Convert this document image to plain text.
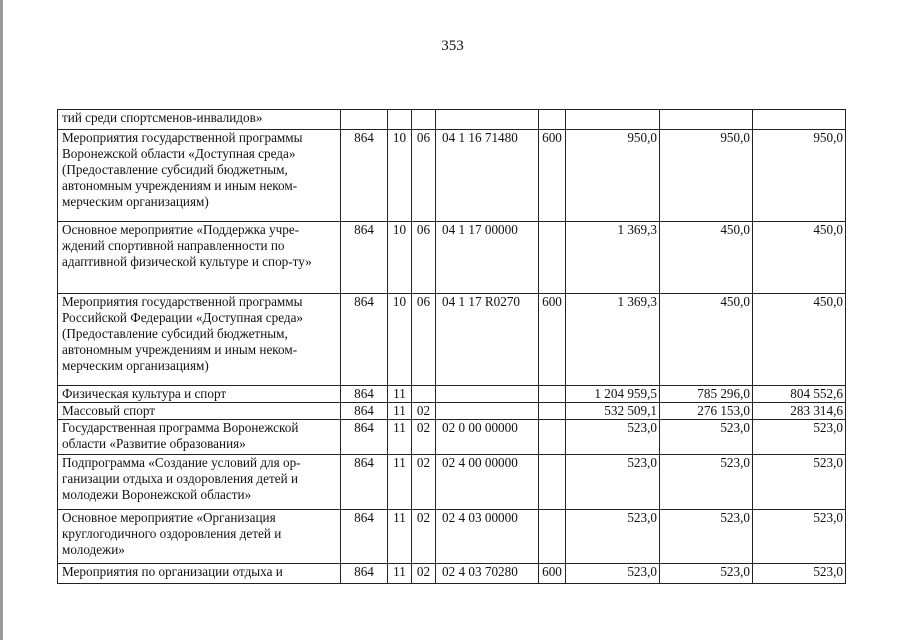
353
тий среди спортсменов-инвалидов»								
Мероприятия государственной программы Воронежской области «Доступная среда» (Предоставление субсидий бюджетным, автономным учреждениям и иным неком-мерческим организациям)	864	10	06	04 1 16 71480	600	950,0	950,0	950,0
Основное мероприятие «Поддержка учре-ждений спортивной направленности по адаптивной физической культуре и спор-ту»	864	10	06	04 1 17 00000		1 369,3	450,0	450,0
Мероприятия государственной программы Российской Федерации «Доступная среда» (Предоставление субсидий бюджетным, автономным учреждениям и иным неком-мерческим организациям)	864	10	06	04 1 17 R0270	600	1 369,3	450,0	450,0
Физическая культура и спорт	864	11				1 204 959,5	785 296,0	804 552,6
Массовый спорт	864	11	02			532 509,1	276 153,0	283 314,6
Государственная программа Воронежской области «Развитие образования»	864	11	02	02 0 00 00000		523,0	523,0	523,0
Подпрограмма «Создание условий для ор-ганизации отдыха и оздоровления детей и молодежи Воронежской области»	864	11	02	02 4 00 00000		523,0	523,0	523,0
Основное мероприятие «Организация круглогодичного оздоровления детей и молодежи»	864	11	02	02 4 03 00000		523,0	523,0	523,0
Мероприятия по организации отдыха и	864	11	02	02 4 03 70280	600	523,0	523,0	523,0
